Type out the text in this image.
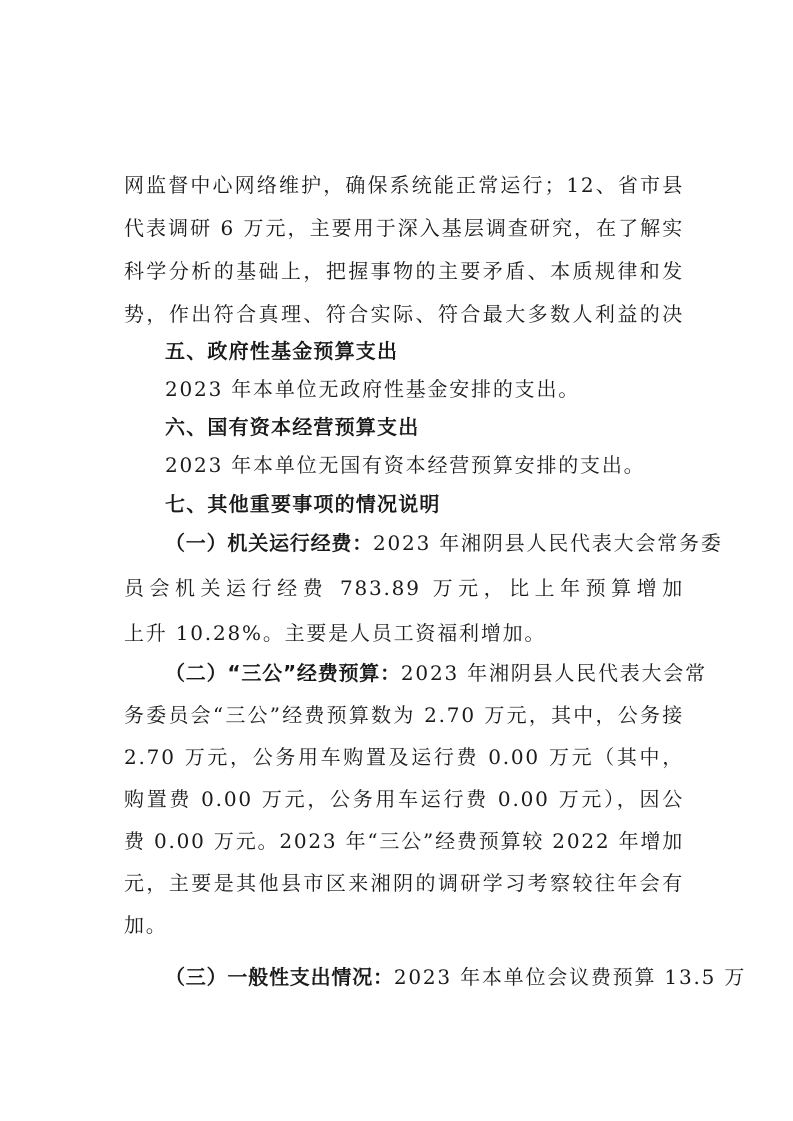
网监督中心网络维护，确保系统能正常运行；12、省市县
代表调研 6 万元，主要用于深入基层调查研究，在了解实
科学分析的基础上，把握事物的主要矛盾、本质规律和发
势，作出符合真理、符合实际、符合最大多数人利益的决
五、政府性基金预算支出
2023 年本单位无政府性基金安排的支出。
六、国有资本经营预算支出
2023 年本单位无国有资本经营预算安排的支出。
七、其他重要事项的情况说明
（一）机关运行经费：2023 年湘阴县人民代表大会常务委
员会机关运行经费 783.89 万元，比上年预算增加
上升 10.28%。主要是人员工资福利增加。
（二）“三公”经费预算：2023 年湘阴县人民代表大会常
务委员会“三公”经费预算数为 2.70 万元，其中，公务接
2.70 万元，公务用车购置及运行费 0.00 万元（其中，
购置费 0.00 万元，公务用车运行费 0.00 万元），因公
费 0.00 万元。2023 年“三公”经费预算较 2022 年增加
元，主要是其他县市区来湘阴的调研学习考察较往年会有
加。
（三）一般性支出情况：2023 年本单位会议费预算 13.5 万
